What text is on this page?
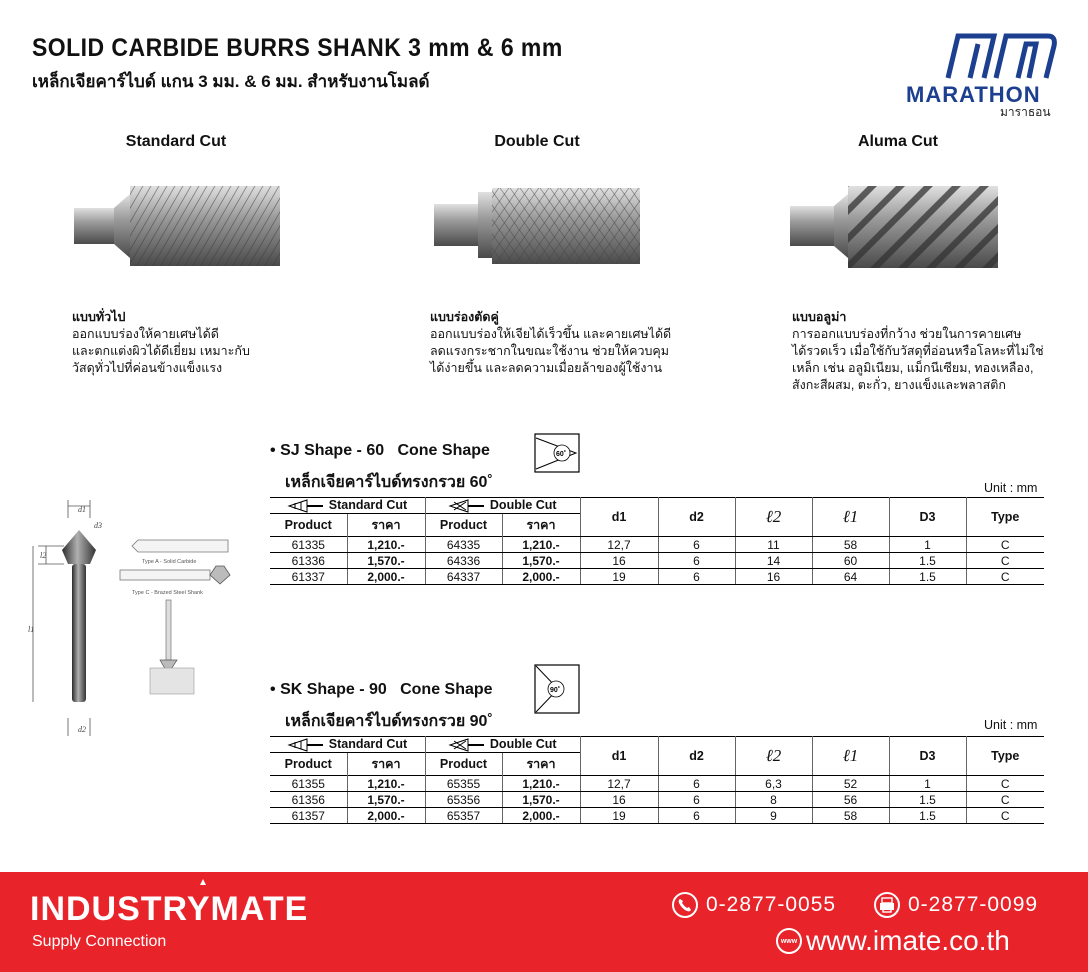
SOLID CARBIDE BURRS SHANK 3 mm & 6 mm
เหล็กเจียคาร์ไบด์ แกน 3 มม. & 6 มม. สำหรับงานโมลด์
MARATHON
มาราธอน
Standard Cut	Double Cut	Aluma Cut
แบบทั่วไป
ออกแบบร่องให้คายเศษได้ดี
และตกแต่งผิวได้ดีเยี่ยม เหมาะกับ
วัสดุทั่วไปที่ค่อนข้างแข็งแรง
แบบร่องตัดคู่
ออกแบบร่องให้เจียได้เร็วขึ้น และคายเศษได้ดี
ลดแรงกระชากในขณะใช้งาน ช่วยให้ควบคุม
ได้ง่ายขึ้น และลดความเมื่อยล้าของผู้ใช้งาน
แบบอลูม่า
การออกแบบร่องที่กว้าง ช่วยในการคายเศษ
ได้รวดเร็ว เมื่อใช้กับวัสดุที่อ่อนหรือโลหะที่ไม่ใช่
เหล็ก เช่น อลูมิเนียม, แม็กนีเซียม, ทองเหลือง,
สังกะสีผสม, ตะกั่ว, ยางแข็งและพลาสติก
d1
d3
l2
l1
d2
Type A - Solid Carbide
Type C - Brazed Steel Shank
• SJ Shape - 60   Cone Shape
เหล็กเจียคาร์ไบด์ทรงกรวย 60˚
60˚
Unit : mm
Standard Cut		Double Cut		d1	d2	ℓ2	ℓ1	D3	Type
Product	ราคา	Product	ราคา						
61335	1,210.-	64335	1,210.-	12,7	6	11	58	1	C
61336	1,570.-	64336	1,570.-	16	6	14	60	1.5	C
61337	2,000.-	64337	2,000.-	19	6	16	64	1.5	C
• SK Shape - 90   Cone Shape
เหล็กเจียคาร์ไบด์ทรงกรวย 90˚
90˚
Unit : mm
Standard Cut		Double Cut		d1	d2	ℓ2	ℓ1	D3	Type
Product	ราคา	Product	ราคา						
61355	1,210.-	65355	1,210.-	12,7	6	6,3	52	1	C
61356	1,570.-	65356	1,570.-	16	6	8	56	1.5	C
61357	2,000.-	65357	2,000.-	19	6	9	58	1.5	C
INDUSTRYMATE
Supply Connection
0-2877-0055	0-2877-0099
www www.imate.co.th
